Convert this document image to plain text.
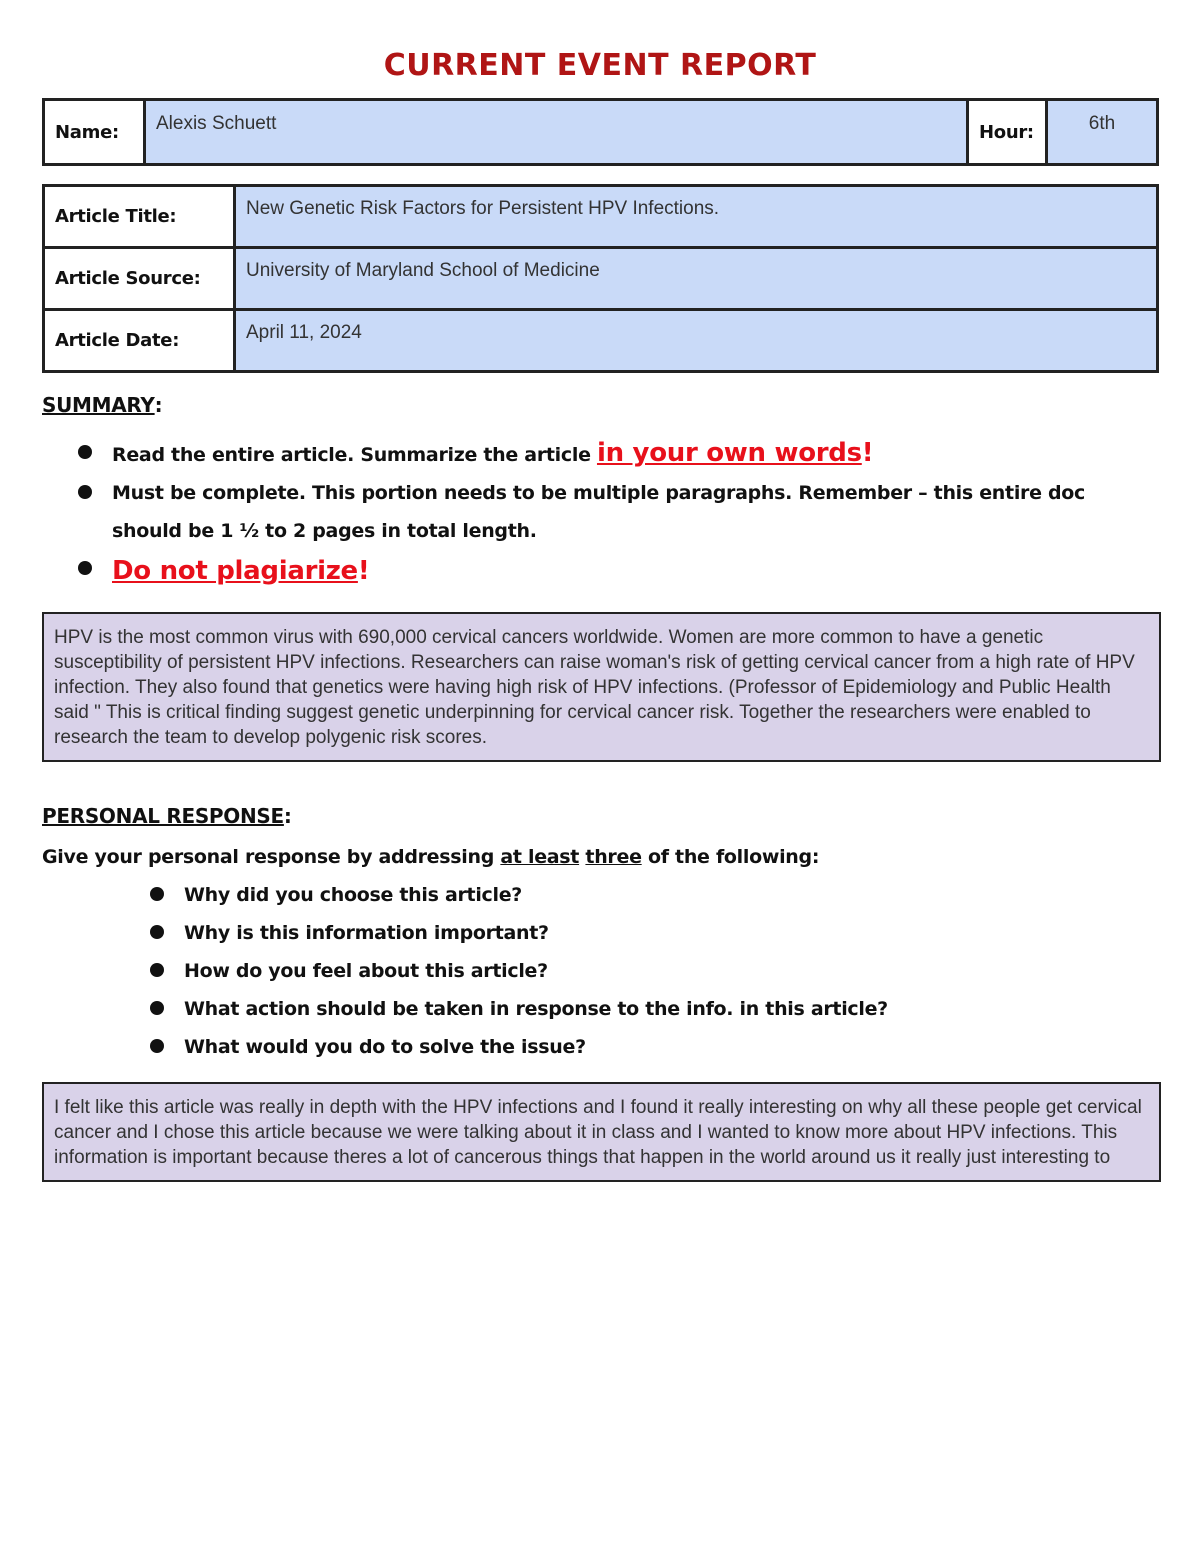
CURRENT EVENT REPORT
Name:	Alexis Schuett	Hour:	6th
Article Title:	New Genetic Risk Factors for Persistent HPV Infections.
Article Source:	University of Maryland School of Medicine
Article Date:	April 11, 2024
SUMMARY:
Read the entire article. Summarize the article in your own words!
Must be complete. This portion needs to be multiple paragraphs. Remember – this entire doc should be 1 ½ to 2 pages in total length.
Do not plagiarize!
HPV is the most common virus with 690,000 cervical cancers worldwide. Women are more common to have a genetic susceptibility of persistent HPV infections. Researchers can raise woman's risk of getting cervical cancer from a high rate of HPV infection. They also found that genetics were having high risk of HPV infections. (Professor of Epidemiology and Public Health said " This is critical finding suggest genetic underpinning for cervical cancer risk. Together the researchers were enabled to research the team to develop polygenic risk scores.
PERSONAL RESPONSE:
Give your personal response by addressing at least three of the following:
Why did you choose this article?
Why is this information important?
How do you feel about this article?
What action should be taken in response to the info. in this article?
What would you do to solve the issue?
I felt like this article was really in depth with the HPV infections and I found it really interesting on why all these people get cervical cancer and I chose this article because we were talking about it in class and I wanted to know more about HPV infections. This information is important because theres a lot of cancerous things that happen in the world around us it really just interesting to
